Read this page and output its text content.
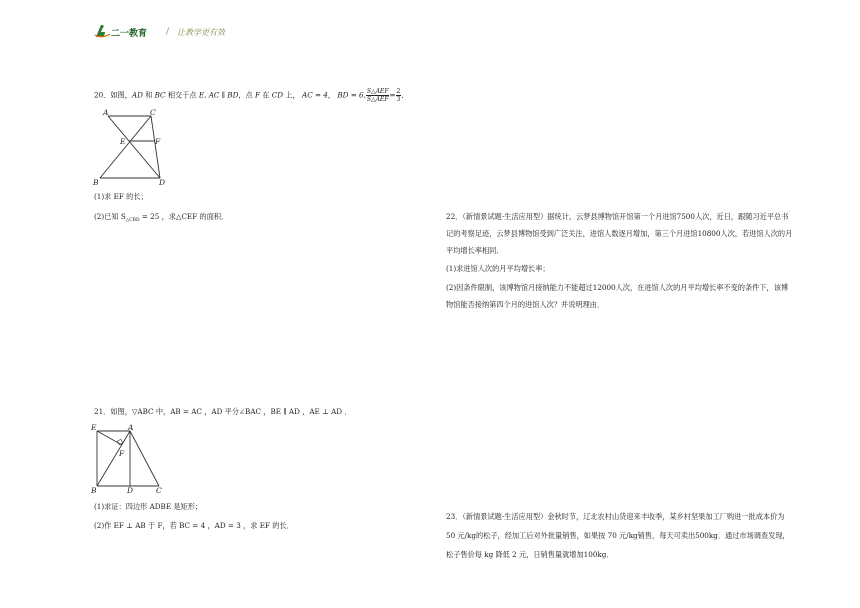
二一教育 / 让教学更有效
20．如图，AD 和 BC 相交于点 E, AC ∥ BD，点 F 在 CD 上， AC = 4， BD = 6, $\frac{\text{S△AEF}}{\text{S△AEF}} = \frac{2}{3}$ ．
A	C
E	F
B	D
(1)求 EF 的长；
(2)已知 $S_{\triangle CBD} = 25$ ，求△CEF 的面积．
21．如图，▽ABC 中，AB = AC ，AD 平分∠BAC ，BE ∥ AD ，AE ⊥ AD ．
E	A
F
B	D	C
(1)求证：四边形 ADBE 是矩形；
(2)作 EF ⊥ AB 于 F，若 BC = 4 ，AD = 3 ，求 EF 的长．
22．（新情景试题·生活应用型）据统计，云梦县博物馆开馆第一个月进馆7500人次，近日，跟随习近平总书
记的考察足迹，云梦县博物馆受到广泛关注，进馆人数逐月增加，第三个月进馆10800人次，若进馆人次的月
平均增长率相同．
(1)求进馆人次的月平均增长率；
(2)因条件限制，该博物馆月接纳能力不能超过12000人次，在进馆人次的月平均增长率不变的条件下，该博
物馆能否接纳第四个月的进馆人次？并说明理由．
23．（新情景试题·生活应用型）金秋时节，辽北农村山货迎来丰收季，某乡村坚果加工厂购进一批成本价为
50 元/kg的松子，经加工后对外批量销售，如果按 70 元/kg销售，每天可卖出500kg．通过市场调查发现，
松子售价每 kg 降低 2 元，日销售量就增加100kg．
